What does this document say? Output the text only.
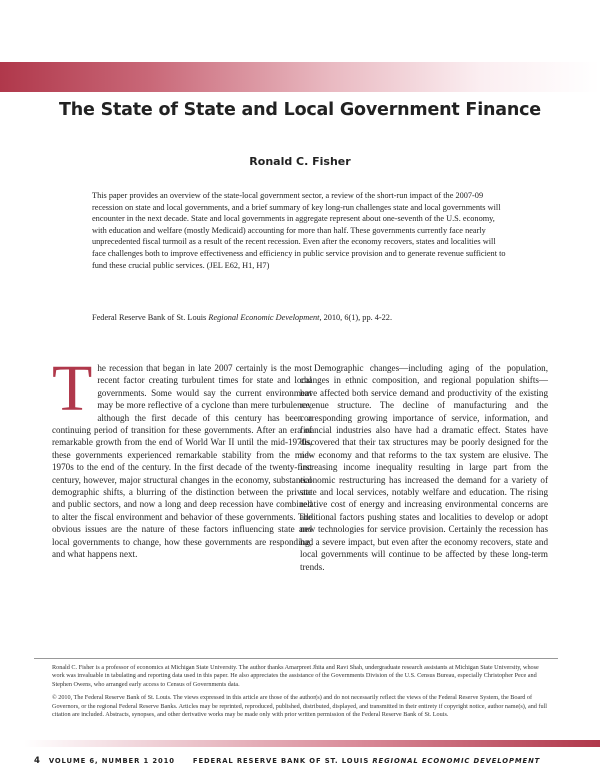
The State of State and Local Government Finance
Ronald C. Fisher
This paper provides an overview of the state-local government sector, a review of the short-run impact of the 2007-09 recession on state and local governments, and a brief summary of key long-run challenges state and local governments will encounter in the next decade. State and local governments in aggregate represent about one-seventh of the U.S. economy, with education and welfare (mostly Medicaid) accounting for more than half. These governments currently face nearly unprecedented fiscal turmoil as a result of the recent recession. Even after the economy recovers, states and localities will face challenges both to improve effectiveness and efficiency in public service provision and to generate revenue sufficient to fund these crucial public services. (JEL E62, H1, H7)
Federal Reserve Bank of St. Louis Regional Economic Development, 2010, 6(1), pp. 4-22.
T he recession that began in late 2007 certainly is the most recent factor creating turbulent times for state and local governments. Some would say the current environment may be more reflective of a cyclone than mere turbulence, although the first decade of this century has been a continuing period of transition for these governments. After an era of remarkable growth from the end of World War II until the mid-1970s, these governments experienced remarkable stability from the mid-1970s to the end of the century. In the first decade of the twenty-first century, however, major structural changes in the economy, substantial demographic shifts, a blurring of the distinction between the private and public sectors, and now a long and deep recession have combined to alter the fiscal environment and behavior of these governments. The obvious issues are the nature of these factors influencing state and local governments to change, how these governments are responding, and what happens next.

Demographic changes—including aging of the population, changes in ethnic composition, and regional population shifts—have affected both service demand and productivity of the existing revenue structure. The decline of manufacturing and the corresponding growing importance of service, information, and financial industries also have had a dramatic effect. States have discovered that their tax structures may be poorly designed for the new economy and that reforms to the tax system are elusive. The increasing income inequality resulting in large part from the economic restructuring has increased the demand for a variety of state and local services, notably welfare and education. The rising relative cost of energy and increasing environmental concerns are additional factors pushing states and localities to develop or adopt new technologies for service provision. Certainly the recession has had a severe impact, but even after the economy recovers, state and local governments will continue to be affected by these long-term trends.

Ronald C. Fisher is a professor of economics at Michigan State University. The author thanks Amarpreet Jhita and Ravi Shah, undergraduate research assistants at Michigan State University, whose work was invaluable in tabulating and reporting data used in this paper. He also appreciates the assistance of the Governments Division of the U.S. Census Bureau, especially Christopher Pece and Stephen Owens, who arranged early access to Census of Governments data.

© 2010, The Federal Reserve Bank of St. Louis. The views expressed in this article are those of the author(s) and do not necessarily reflect the views of the Federal Reserve System, the Board of Governors, or the regional Federal Reserve Banks. Articles may be reprinted, reproduced, published, distributed, displayed, and transmitted in their entirety if copyright notice, author name(s), and full citation are included. Abstracts, synopses, and other derivative works may be made only with prior written permission of the Federal Reserve Bank of St. Louis.

4 VOLUME 6, NUMBER 1 2010	FEDERAL RESERVE BANK OF ST. LOUIS REGIONAL ECONOMIC DEVELOPMENT
